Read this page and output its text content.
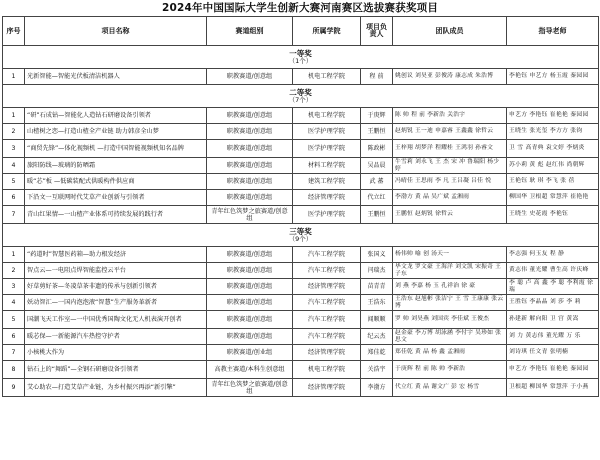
2024年中国国际大学生创新大赛河南赛区选拔赛获奖项目
序号	项目名称	赛道组别	所属学院	项目负责人	团队成员	指导老师
一等奖
（1个）						

1	光新智能—智能光伏板清洁机器人	职教赛道/创意组	机电工程学院	程 前	姚创议 刘昊亚 彭俊涛 康志成 朱浩博	李艳钰 申艺方 杨玉霞 秦园园
二等奖
（7个）						

1	“研”石成钻—智能化人造钻石研磨设备引领者	职教赛道/创意组	机电工程学院	于庚辉	陈 帅 程 前 李新浩 关浩宇	申艺方 李艳钰 崔艳艳 秦园园
2	山楂树之恋—打造山楂全产业链 助力韩彦全山梦	职教赛道/创意组	医学护理学院	王鹏恒	赵炳锐 王一迪 申嘉睿 王鑫鑫 徐哲云	王晓生 张光玺 李方方 张钧
3	“商贸先锋”—体化视频机 —打造中国智能视频机知名品牌	职教赛道/创意组	医学护理学院	陈政彬	王梓翔 胡梦洋 程耀桂 王鸿羽 孙睿文	卫 雪 高青典 袁文婷 李炳炎
4	旅阳防线—玻璃的防晒霜	职教赛道/创意组	材料工程学院	吴品晨	牛雪莉 刘永飞 王 杰 宋 冲 鲁瑞阳 杨少婷	苏小莉 黄 彪 赵红伟 尚朝辉
5	暖“芯”板 —低碳装配式供暖构件供应商	职教赛道/创意组	建筑工程学院	武 蕃	冯晴佳 王思雨 李 凡 王吕凝 吕佳 悦	王艳钰 耿 琪 李飞 张 蓓
6	下沿文一互联网时代艾草产业创新与引领者	职教赛道/创意组	经济管理学院	代立红	李渤方 黄 晶 吴广斌 孟湘雨	柳国华 卫根超 常慧萍 崔艳艳
7	青山红果情—一山楂产业体系可持续发展的践行者	青年红色筑梦之旅赛道/创意组	医学护理学院	王鹏恒	王鹏恒 赵炳锐 徐哲云	王晓生 史花霞 李艳钰
三等奖
（9个）						

1	“药道时”智慧医药箱—助力根发经济	职教赛道/创意组	汽车工程学院	张国义	杨伟帅 喻 创 汤天一	李志强 何玉友 程 静
2	智点云—一电阻点焊智能监控云平台	职教赛道/创意组	汽车工程学院	闫瑞杰	毕文龙 罗文豪 王海洋 刘文凯 宋振奇 王子东	黄志伟 董光耀 曹生高 许庆峰
3	好草剪好茶—冬凌草茶非遗的传承与创新引领者	职教赛道/创意组	经济管理学院	苗青青	刘 燕 李嘉 杨 玉 孔祥治 徐 豪	李 聪 卢 高 鑫 李 聪 李利霞 徐 瑞
4	妖动智汇—一国内泡泡液“智慧”生产服务革新者	职教赛道/创意组	汽车工程学院	王浩东	王浩东 赵旭彬 张洁宁 王 雪 王康康 张云博	王胜钰 李晶晶 刘 莎 李 莉
5	国潮飞天工作室—一中国优秀国陶文化无人机表演开创者	职教赛道/创意组	汽车工程学院	闻顺顺	罗 帅 刘昊燕 刘国宾 李佳斌 王俊杰	孙建新 解向阳 卫 宫 黄嵩
6	暖芯保—一新能源汽车热控守护者	职教赛道/创意组	汽车工程学院	纪云杰	赵金豪 李万博 胡泳涵 李付宇 吴珍如 张思文	刘 力 黄志伟 董光耀 万 乐
7	小核桃大作为	职教赛道/创业组	经济管理学院	郑佳乾	郑佳乾 黄 晶 杨 鑫 孟湘雨	刘诗琪 任文青 张明楠
8	钻石上的“舞蹈”—全钢石研磨设备引领者	高教主赛道/本科生创意组	机电工程学院	关浩宇	于庚辉 程 前 陈 帅 李新浩	申艺方 李艳钰 崔艳艳 秦园园
9	艾心助农—打造艾草产业链，为乡村振兴再添“新引擎”	青年红色筑梦之旅赛道/创意组	经济管理学院	李渤方	代立红 黄 晶 谢文广 彭 宏 杨雪	卫根超 柳国华 常慧萍 于小燕
